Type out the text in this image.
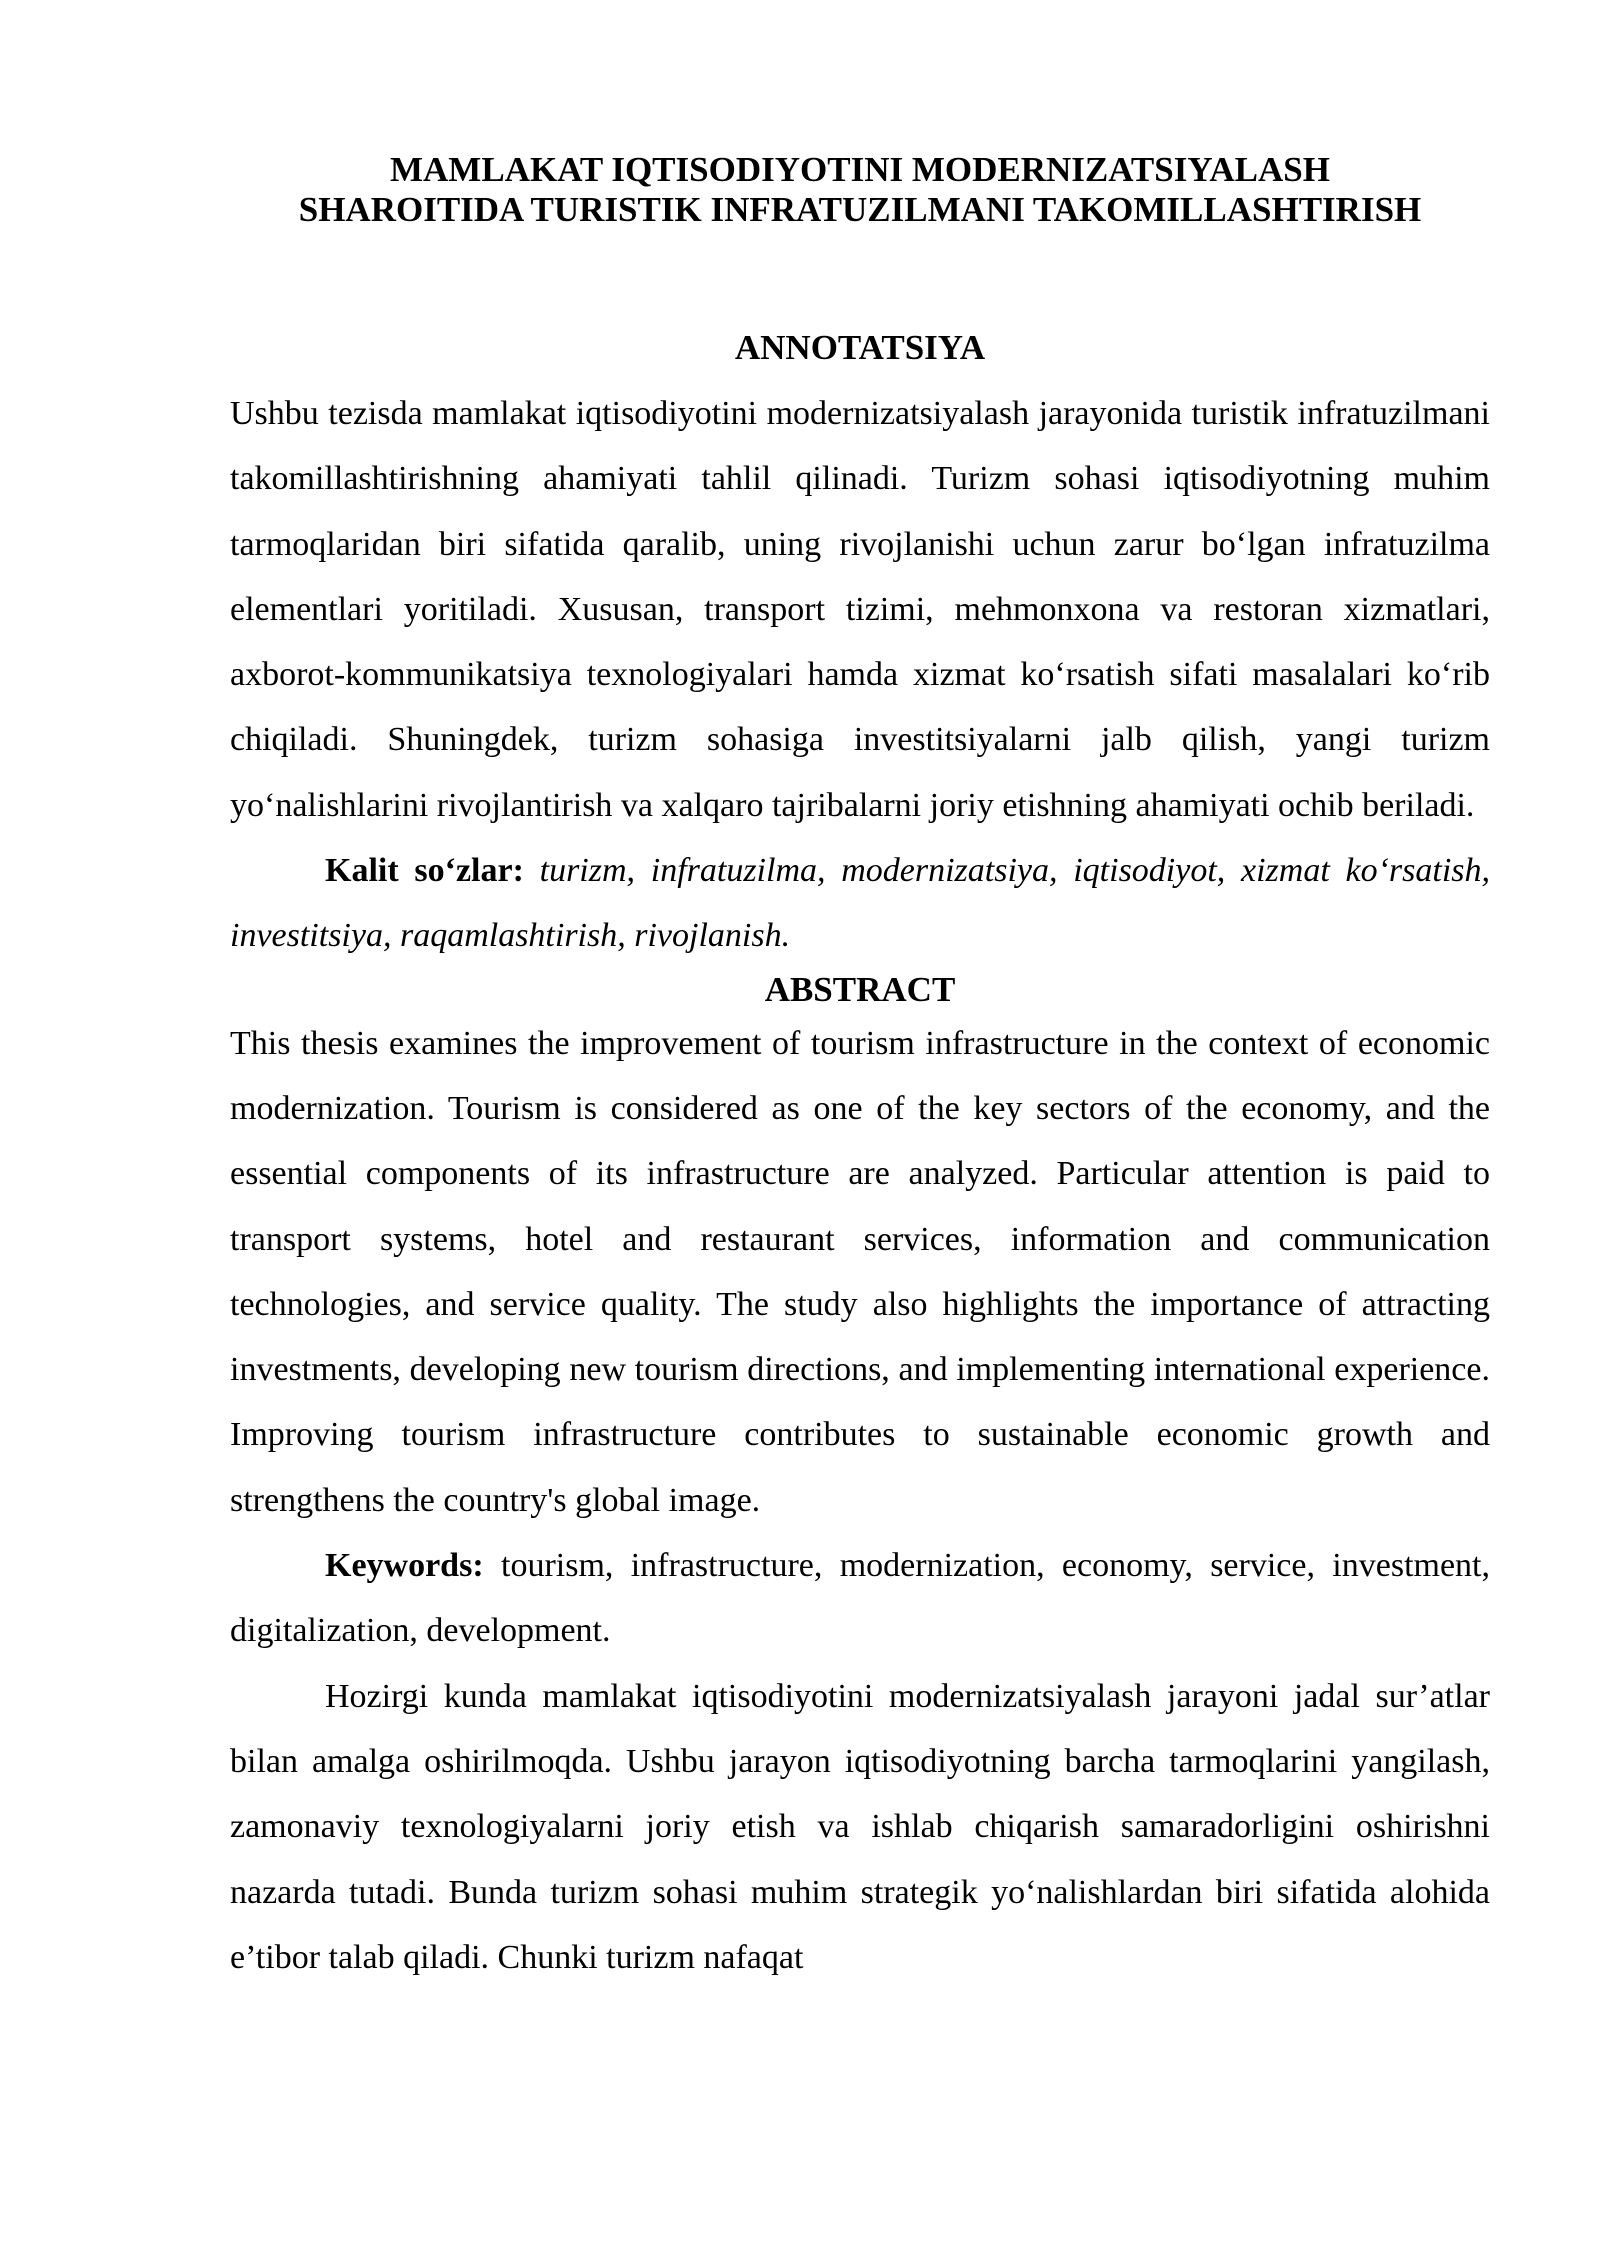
MAMLAKAT IQTISODIYOTINI MODERNIZATSIYALASH
SHAROITIDA TURISTIK INFRATUZILMANI TAKOMILLASHTIRISH
ANNOTATSIYA

Ushbu tezisda mamlakat iqtisodiyotini modernizatsiyalash jarayonida turistik infratuzilmani takomillashtirishning ahamiyati tahlil qilinadi. Turizm sohasi iqtisodiyotning muhim tarmoqlaridan biri sifatida qaralib, uning rivojlanishi uchun zarur bo‘lgan infratuzilma elementlari yoritiladi. Xususan, transport tizimi, mehmonxona va restoran xizmatlari, axborot-kommunikatsiya texnologiyalari hamda xizmat ko‘rsatish sifati masalalari ko‘rib chiqiladi. Shuningdek, turizm sohasiga investitsiyalarni jalb qilish, yangi turizm yo‘nalishlarini rivojlantirish va xalqaro tajribalarni joriy etishning ahamiyati ochib beriladi.

Kalit so‘zlar: turizm, infratuzilma, modernizatsiya, iqtisodiyot, xizmat ko‘rsatish, investitsiya, raqamlashtirish, rivojlanish.

ABSTRACT

This thesis examines the improvement of tourism infrastructure in the context of economic modernization. Tourism is considered as one of the key sectors of the economy, and the essential components of its infrastructure are analyzed. Particular attention is paid to transport systems, hotel and restaurant services, information and communication technologies, and service quality. The study also highlights the importance of attracting investments, developing new tourism directions, and implementing international experience. Improving tourism infrastructure contributes to sustainable economic growth and strengthens the country's global image.

Keywords: tourism, infrastructure, modernization, economy, service, investment, digitalization, development.

Hozirgi kunda mamlakat iqtisodiyotini modernizatsiyalash jarayoni jadal sur’atlar bilan amalga oshirilmoqda. Ushbu jarayon iqtisodiyotning barcha tarmoqlarini yangilash, zamonaviy texnologiyalarni joriy etish va ishlab chiqarish samaradorligini oshirishni nazarda tutadi. Bunda turizm sohasi muhim strategik yo‘nalishlardan biri sifatida alohida e’tibor talab qiladi. Chunki turizm nafaqat
